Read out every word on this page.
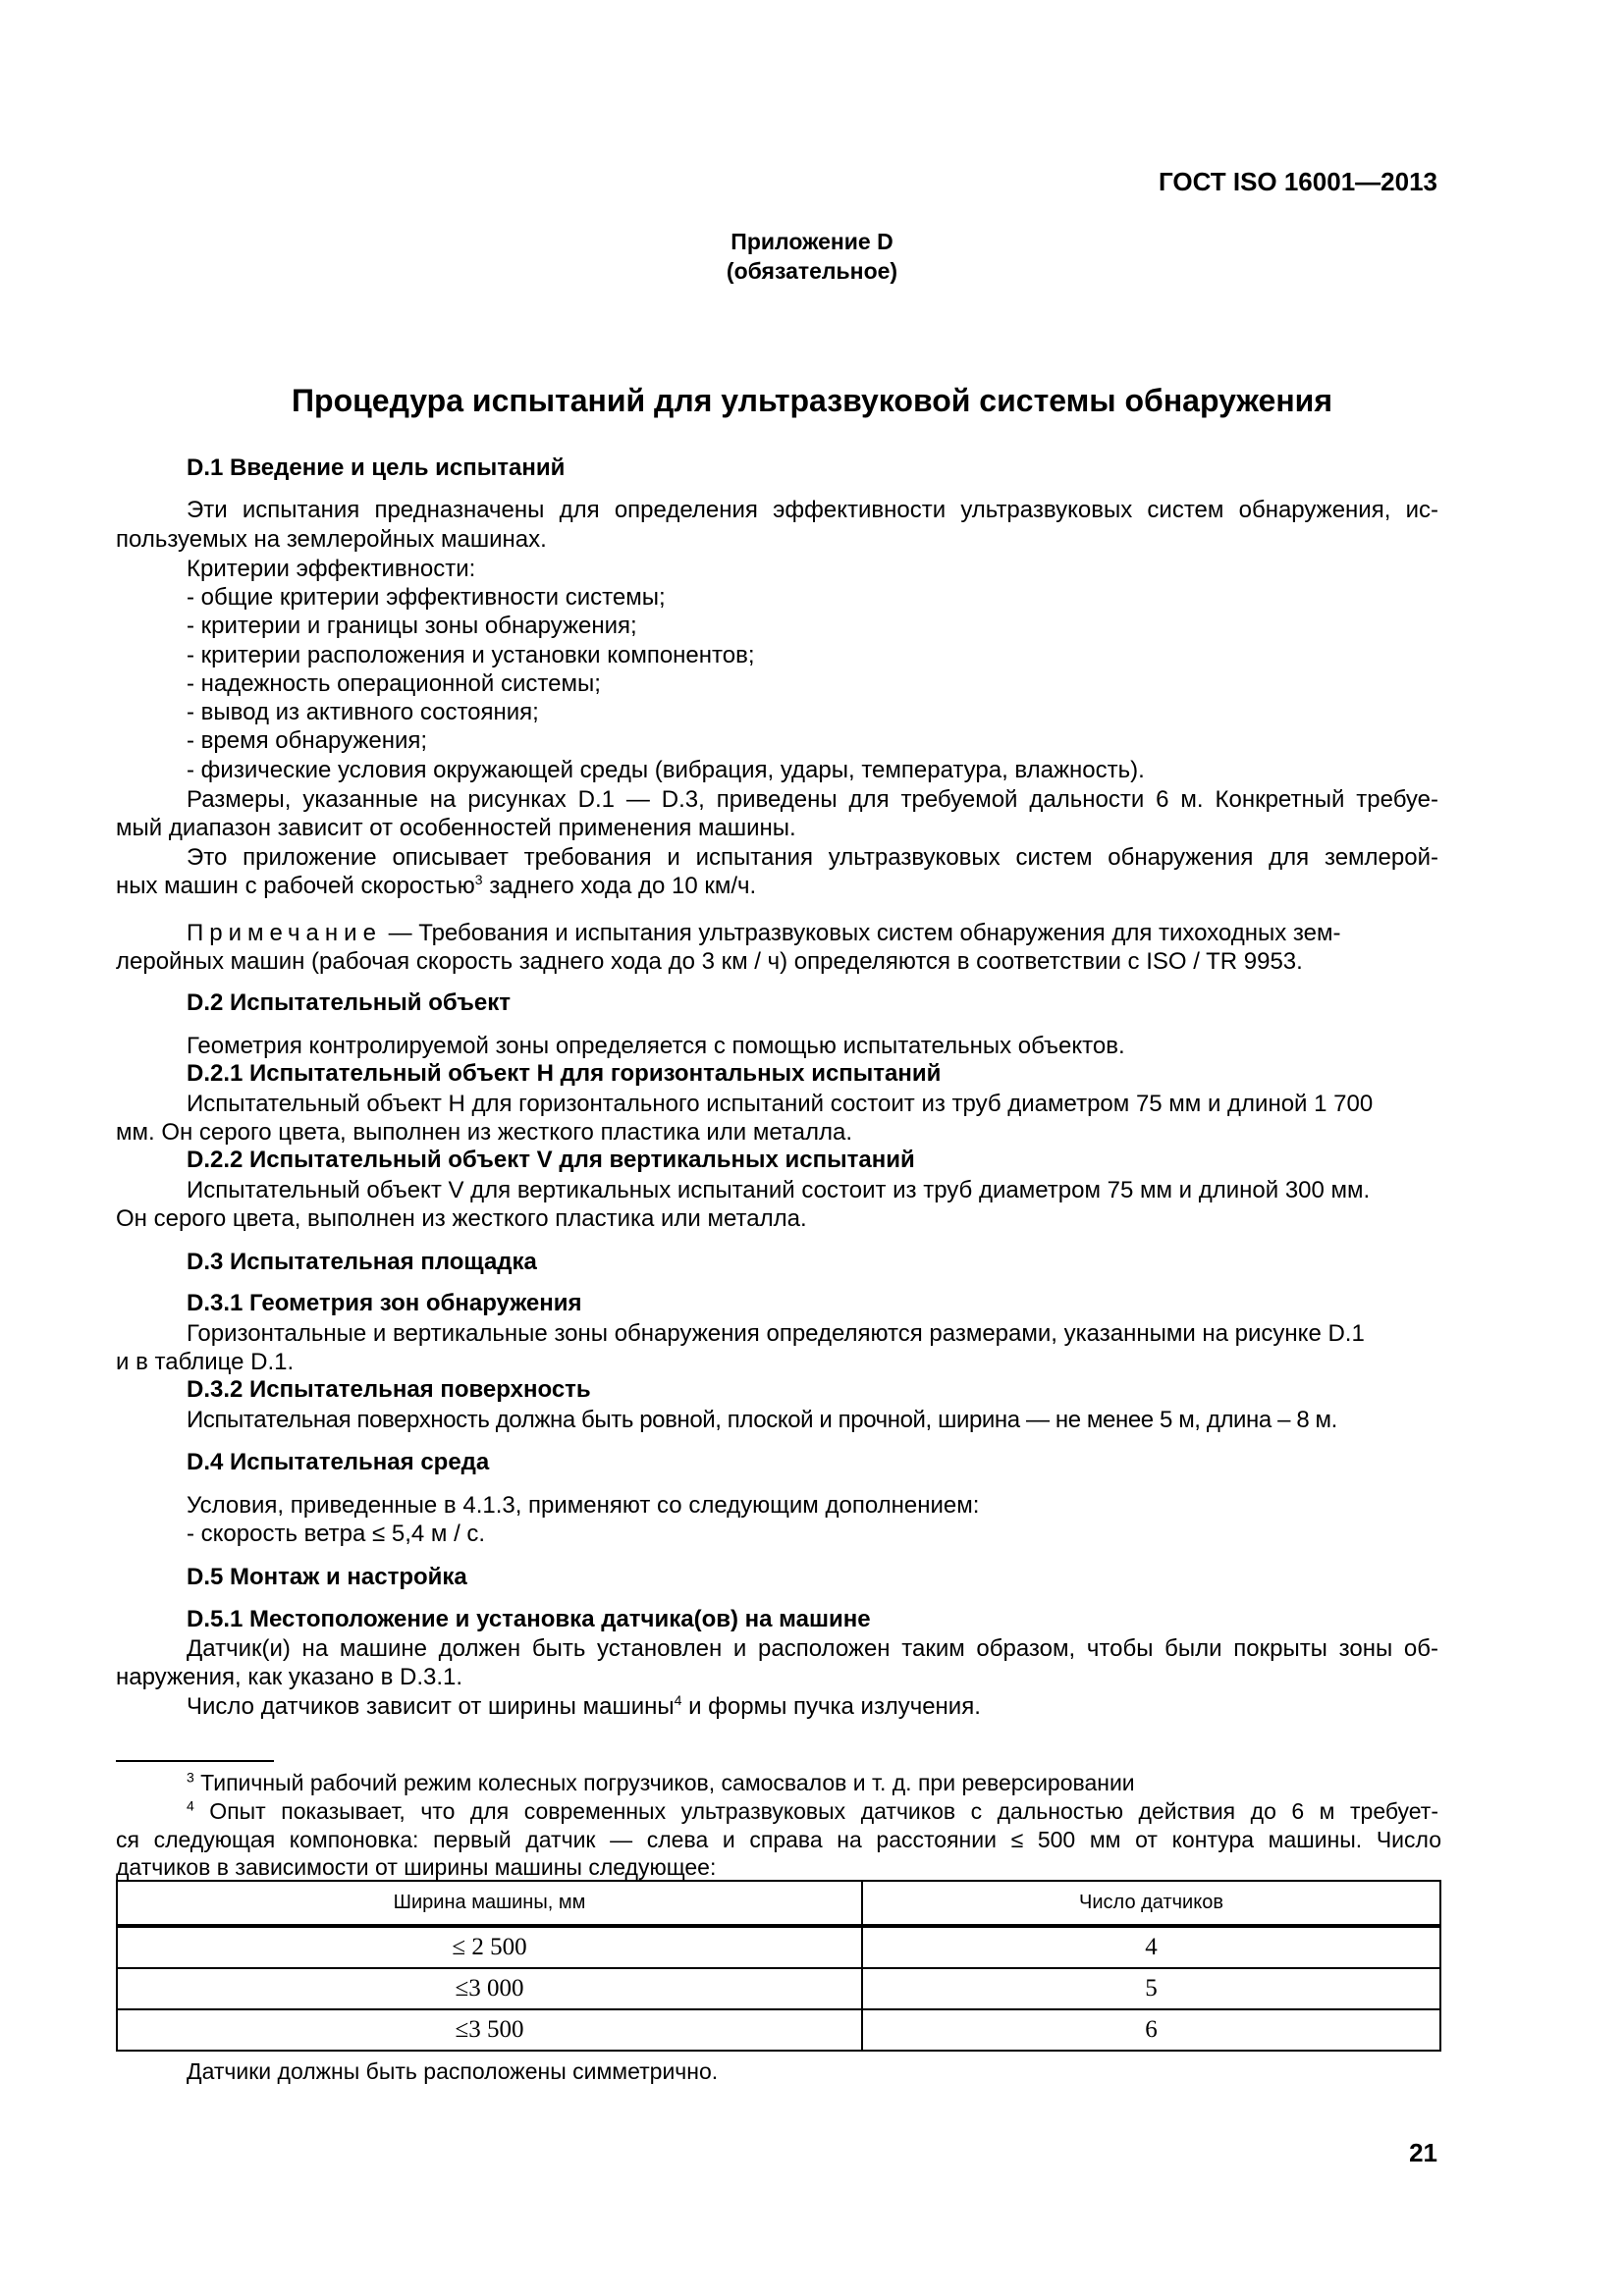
ГОСТ ISO 16001—2013
Приложение D
(обязательное)
Процедура испытаний для ультразвуковой системы обнаружения
D.1 Введение и цель испытаний
Эти испытания предназначены для определения эффективности ультразвуковых систем обнаружения, ис-
пользуемых на землеройных машинах.
Критерии эффективности:
- общие критерии эффективности системы;
- критерии и границы зоны обнаружения;
- критерии расположения и установки компонентов;
- надежность операционной системы;
- вывод из активного состояния;
- время обнаружения;
- физические условия окружающей среды (вибрация, удары, температура, влажность).
Размеры, указанные на рисунках D.1 — D.3, приведены для требуемой дальности 6 м. Конкретный требуе-
мый диапазон зависит от особенностей применения машины.
Это приложение описывает требования и испытания ультразвуковых систем обнаружения для землерой-
ных машин с рабочей скоростью$^3$ заднего хода до 10 км/ч.
Примечание — Требования и испытания ультразвуковых систем обнаружения для тихоходных зем-
леройных машин (рабочая скорость заднего хода до 3 км / ч) определяются в соответствии с ISO / TR 9953.
D.2 Испытательный объект
Геометрия контролируемой зоны определяется с помощью испытательных объектов.
D.2.1 Испытательный объект H для горизонтальных испытаний
Испытательный объект H для горизонтального испытаний состоит из труб диаметром 75 мм и длиной 1 700
мм. Он серого цвета, выполнен из жесткого пластика или металла.
D.2.2 Испытательный объект V для вертикальных испытаний
Испытательный объект V для вертикальных испытаний состоит из труб диаметром 75 мм и длиной 300 мм.
Он серого цвета, выполнен из жесткого пластика или металла.
D.3 Испытательная площадка
D.3.1 Геометрия зон обнаружения
Горизонтальные и вертикальные зоны обнаружения определяются размерами, указанными на рисунке D.1
и в таблице D.1.
D.3.2 Испытательная поверхность
Испытательная поверхность должна быть ровной, плоской и прочной, ширина — не менее 5 м, длина – 8 м.
D.4 Испытательная среда
Условия, приведенные в 4.1.3, применяют со следующим дополнением:
- скорость ветра ≤ 5,4 м / с.
D.5 Монтаж и настройка
D.5.1 Местоположение и установка датчика(ов) на машине
Датчик(и) на машине должен быть установлен и расположен таким образом, чтобы были покрыты зоны об-
наружения, как указано в D.3.1.
Число датчиков зависит от ширины машины$^4$ и формы пучка излучения.
$^3$ Типичный рабочий режим колесных погрузчиков, самосвалов и т. д. при реверсировании
$^4$ Опыт показывает, что для современных ультразвуковых датчиков с дальностью действия до 6 м требует-
ся следующая компоновка: первый датчик — слева и справа на расстоянии ≤ 500 мм от контура машины. Число
датчиков в зависимости от ширины машины следующее:
Ширина машины, мм	Число датчиков
≤ 2 500	4
≤3 000	5
≤3 500	6
Датчики должны быть расположены симметрично.
21
